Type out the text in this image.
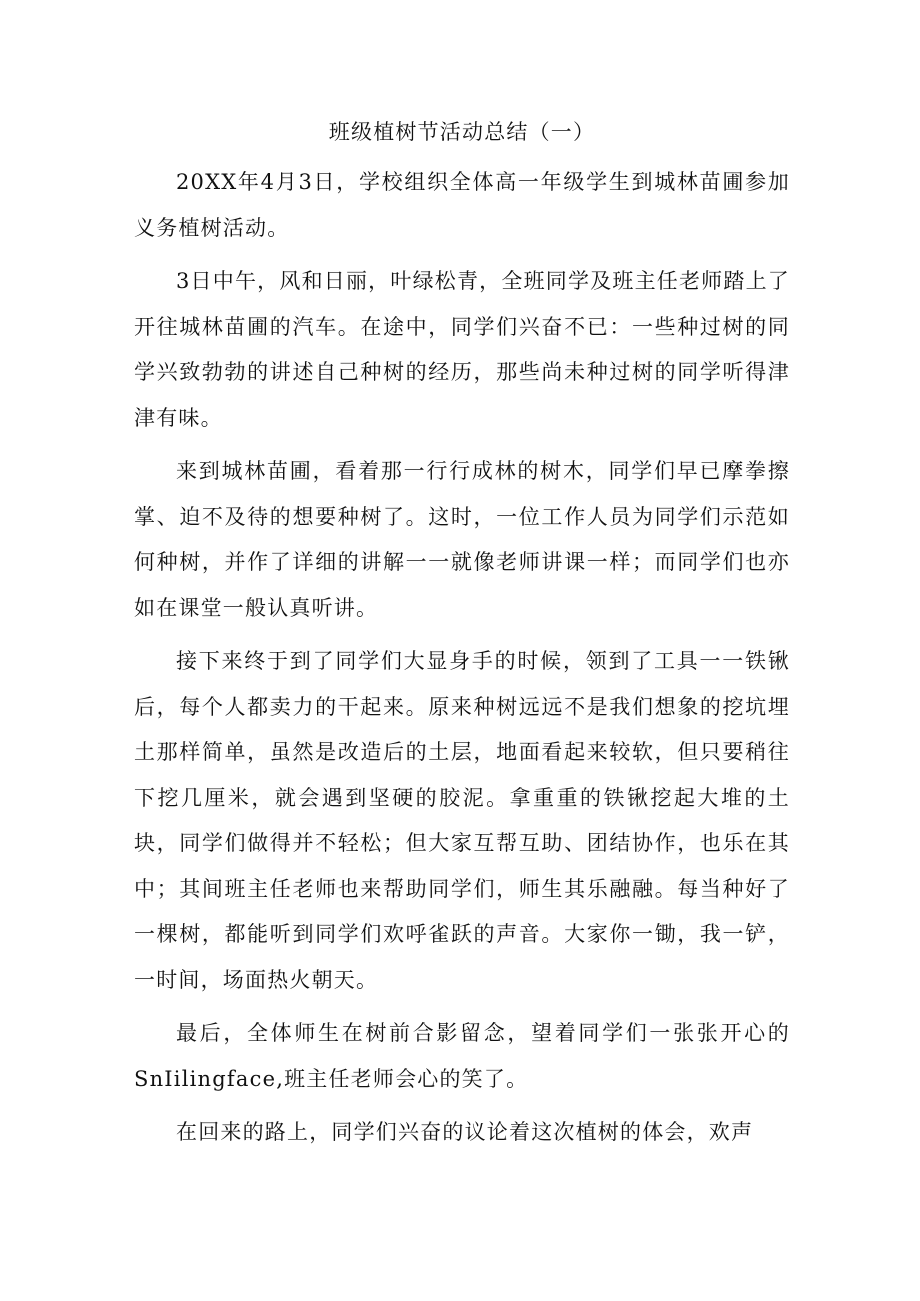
班级植树节活动总结（一）

20XX年4月3日，学校组织全体高一年级学生到城林苗圃参加义务植树活动。

3日中午，风和日丽，叶绿松青，全班同学及班主任老师踏上了开往城林苗圃的汽车。在途中，同学们兴奋不已：一些种过树的同学兴致勃勃的讲述自己种树的经历，那些尚未种过树的同学听得津津有味。

来到城林苗圃，看着那一行行成林的树木，同学们早已摩拳擦掌、迫不及待的想要种树了。这时，一位工作人员为同学们示范如何种树，并作了详细的讲解一一就像老师讲课一样；而同学们也亦如在课堂一般认真听讲。

接下来终于到了同学们大显身手的时候，领到了工具一一铁锹后，每个人都卖力的干起来。原来种树远远不是我们想象的挖坑埋土那样简单，虽然是改造后的土层，地面看起来较软，但只要稍往下挖几厘米，就会遇到坚硬的胶泥。拿重重的铁锹挖起大堆的土块，同学们做得并不轻松；但大家互帮互助、团结协作，也乐在其中；其间班主任老师也来帮助同学们，师生其乐融融。每当种好了一棵树，都能听到同学们欢呼雀跃的声音。大家你一锄，我一铲，一时间，场面热火朝天。

最后，全体师生在树前合影留念，望着同学们一张张开心的SnIilingface,班主任老师会心的笑了。

在回来的路上，同学们兴奋的议论着这次植树的体会，欢声
